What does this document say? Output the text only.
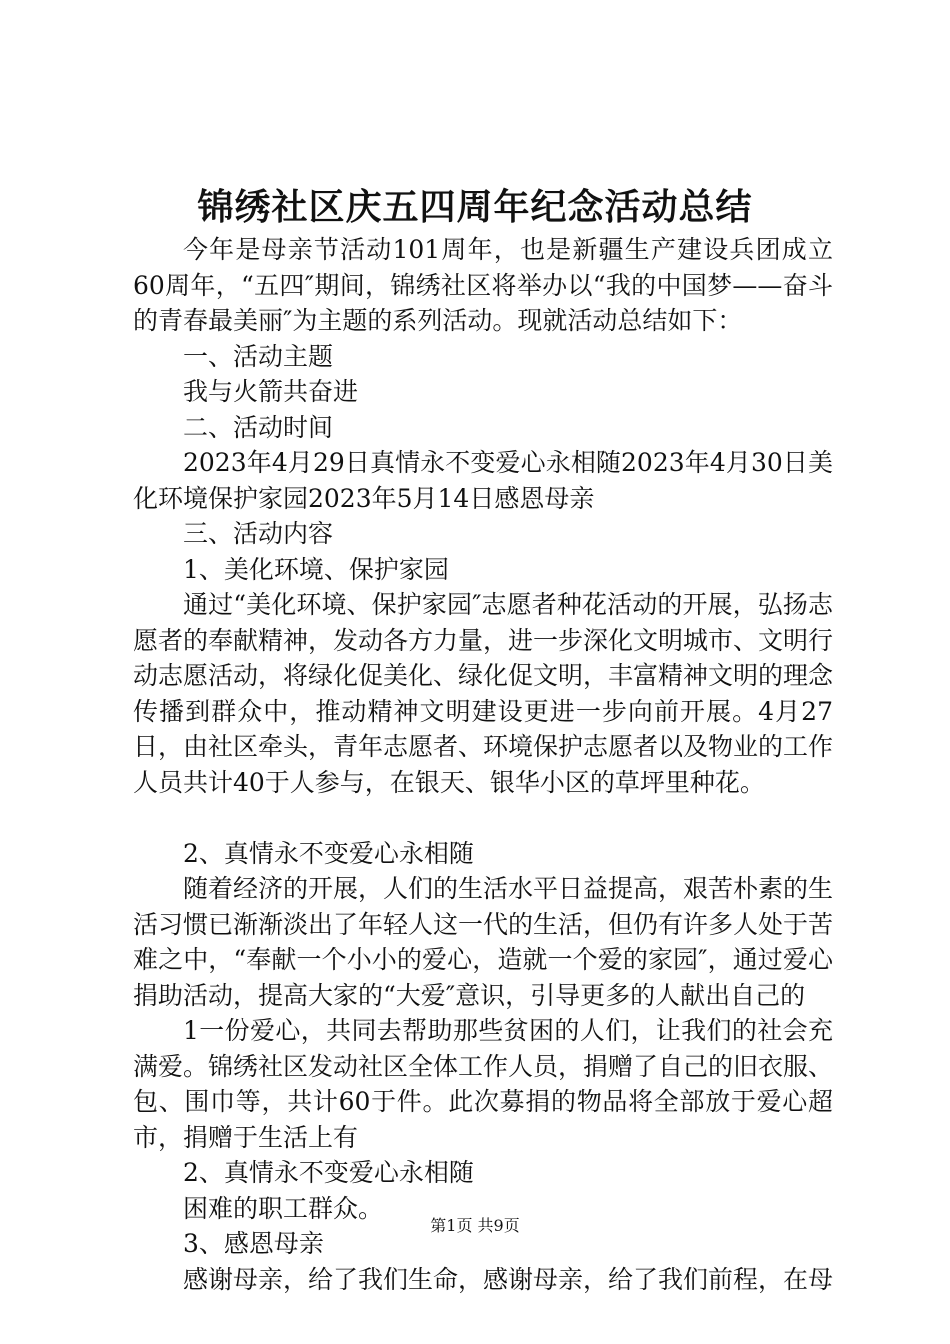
锦绣社区庆五四周年纪念活动总结

今年是母亲节活动101周年，也是新疆生产建设兵团成立60周年，“五四″期间，锦绣社区将举办以“我的中国梦——奋斗的青春最美丽″为主题的系列活动。现就活动总结如下：

一、活动主题

我与火箭共奋进

二、活动时间

2023年4月29日真情永不变爱心永相随2023年4月30日美化环境保护家园2023年5月14日感恩母亲

三、活动内容

1、美化环境、保护家园

通过“美化环境、保护家园″志愿者种花活动的开展，弘扬志愿者的奉献精神，发动各方力量，进一步深化文明城市、文明行动志愿活动，将绿化促美化、绿化促文明，丰富精神文明的理念传播到群众中，推动精神文明建设更进一步向前开展。4月27日，由社区牵头，青年志愿者、环境保护志愿者以及物业的工作人员共计40于人参与，在银天、银华小区的草坪里种花。

2、真情永不变爱心永相随

随着经济的开展，人们的生活水平日益提高，艰苦朴素的生活习惯已渐渐淡出了年轻人这一代的生活，但仍有许多人处于苦难之中，“奉献一个小小的爱心，造就一个爱的家园″，通过爱心捐助活动，提高大家的“大爱″意识，引导更多的人献出自己的

1一份爱心，共同去帮助那些贫困的人们，让我们的社会充满爱。锦绣社区发动社区全体工作人员，捐赠了自己的旧衣服、包、围巾等，共计60于件。此次募捐的物品将全部放于爱心超市，捐赠于生活上有

2、真情永不变爱心永相随

困难的职工群众。

3、感恩母亲

感谢母亲，给了我们生命，感谢母亲，给了我们前程，在母

第1页 共9页
